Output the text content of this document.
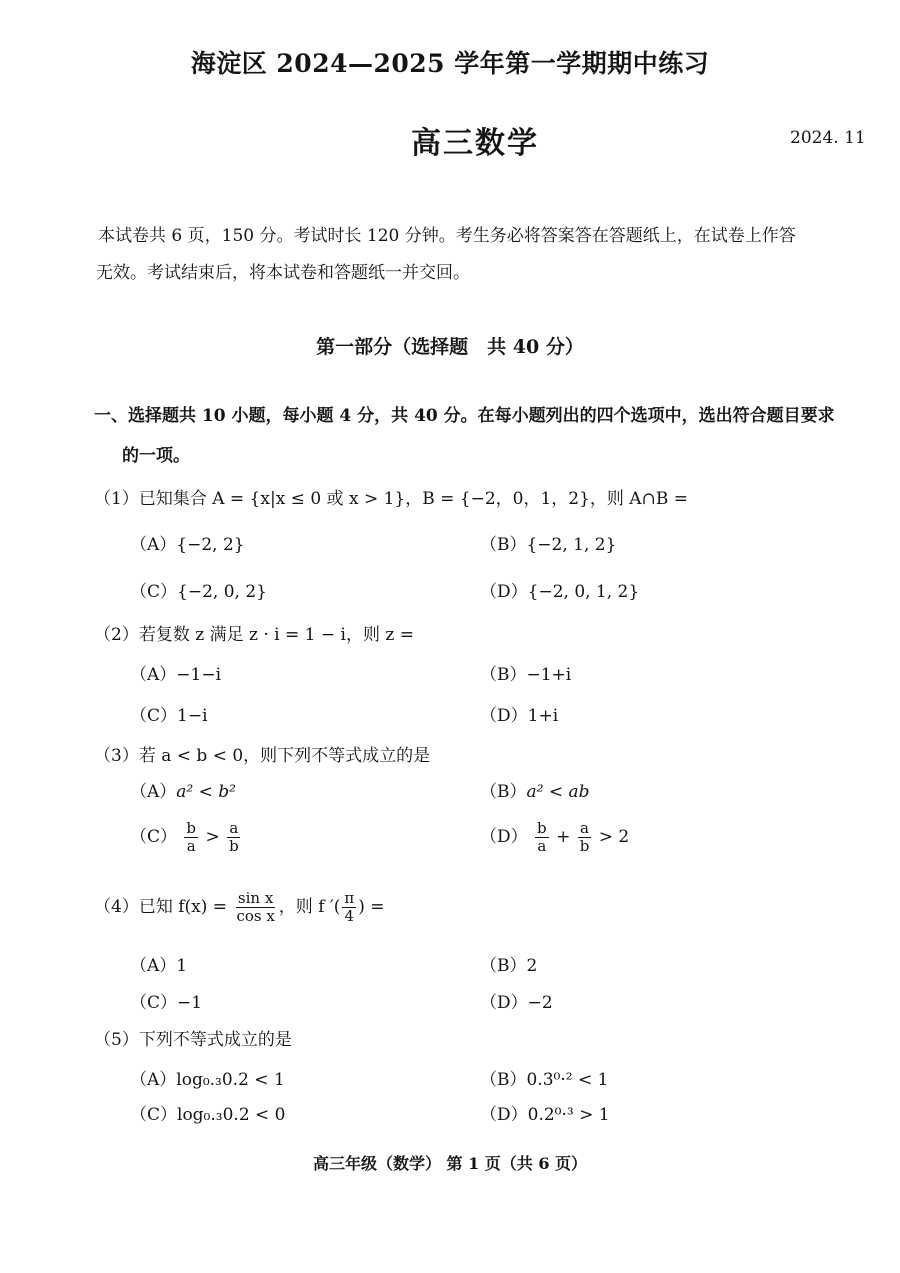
海淀区 2024—2025 学年第一学期期中练习
高三数学	2024. 11
本试卷共 6 页，150 分。考试时长 120 分钟。考生务必将答案答在答题纸上，在试卷上作答
无效。考试结束后，将本试卷和答题纸一并交回。
第一部分（选择题　共 40 分）
一、选择题共 10 小题，每小题 4 分，共 40 分。在每小题列出的四个选项中，选出符合题目要求
的一项。
（1）已知集合 A = {x|x ≤ 0 或 x > 1}，B = {−2，0，1，2}，则 A∩B =
（A）{−2, 2}	（B）{−2, 1, 2}
（C）{−2, 0, 2}	（D）{−2, 0, 1, 2}
（2）若复数 z 满足 z · i = 1 − i，则 z =
（A）−1−i	（B）−1+i
（C）1−i	（D）1+i
（3）若 a < b < 0，则下列不等式成立的是
（A）a² < b²	（B）a² < ab
$(C) \frac{b}{a} > \frac{a}{b}$	$(D) \frac{b}{a} + \frac{a}{b} > 2$
（4）已知 $f(x) = \frac{\text{sin x}}{\text{cos x}}$ ，则 f ′( $\frac{\pi}{4}$ ) =
（A）1	（B）2
（C）−1	（D）−2
（5）下列不等式成立的是
（A）log₀.₃0.2 < 1	（B）0.3⁰·² < 1
（C）log₀.₃0.2 < 0	（D）0.2⁰·³ > 1
高三年级（数学） 第 1 页（共 6 页）
